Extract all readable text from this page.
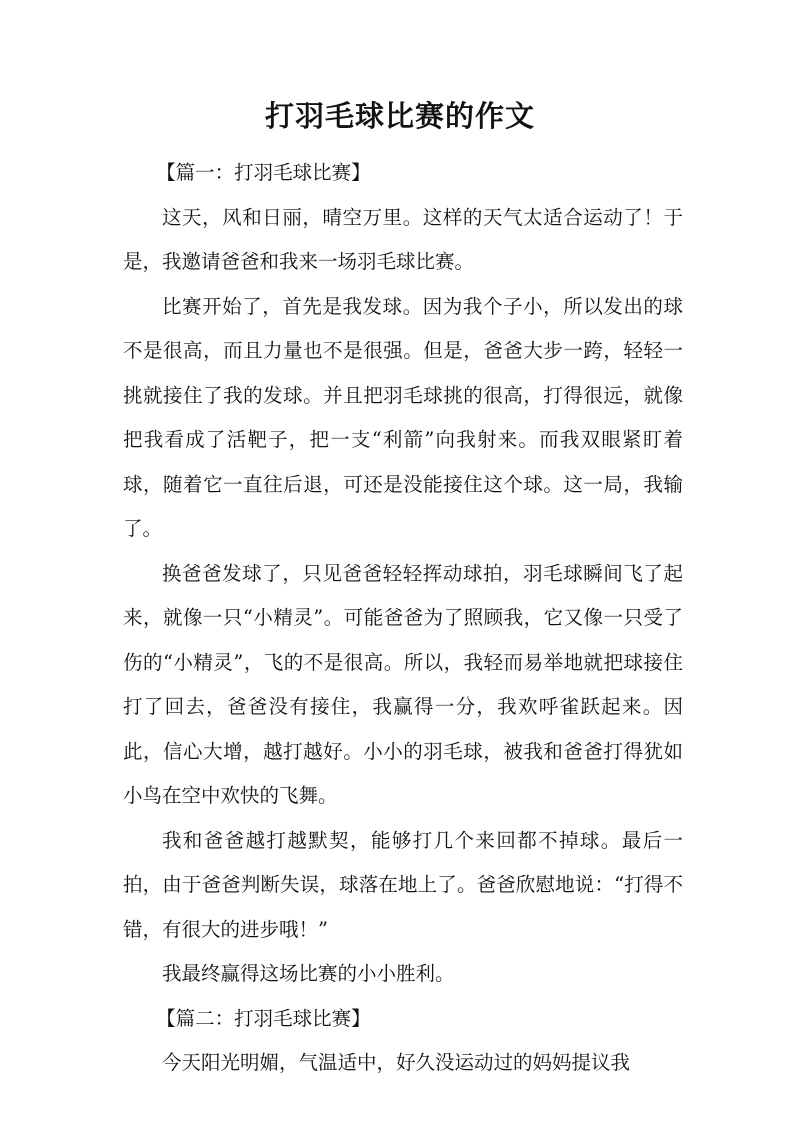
打羽毛球比赛的作文

【篇一：打羽毛球比赛】

这天，风和日丽，晴空万里。这样的天气太适合运动了！于是，我邀请爸爸和我来一场羽毛球比赛。

比赛开始了，首先是我发球。因为我个子小，所以发出的球不是很高，而且力量也不是很强。但是，爸爸大步一跨，轻轻一挑就接住了我的发球。并且把羽毛球挑的很高，打得很远，就像把我看成了活靶子，把一支“利箭”向我射来。而我双眼紧盯着球，随着它一直往后退，可还是没能接住这个球。这一局，我输了。

换爸爸发球了，只见爸爸轻轻挥动球拍，羽毛球瞬间飞了起来，就像一只“小精灵”。可能爸爸为了照顾我，它又像一只受了伤的“小精灵”，飞的不是很高。所以，我轻而易举地就把球接住打了回去，爸爸没有接住，我赢得一分，我欢呼雀跃起来。因此，信心大增，越打越好。小小的羽毛球，被我和爸爸打得犹如小鸟在空中欢快的飞舞。

我和爸爸越打越默契，能够打几个来回都不掉球。最后一拍，由于爸爸判断失误，球落在地上了。爸爸欣慰地说：“打得不错，有很大的进步哦！”

我最终赢得这场比赛的小小胜利。

【篇二：打羽毛球比赛】

今天阳光明媚，气温适中，好久没运动过的妈妈提议我
